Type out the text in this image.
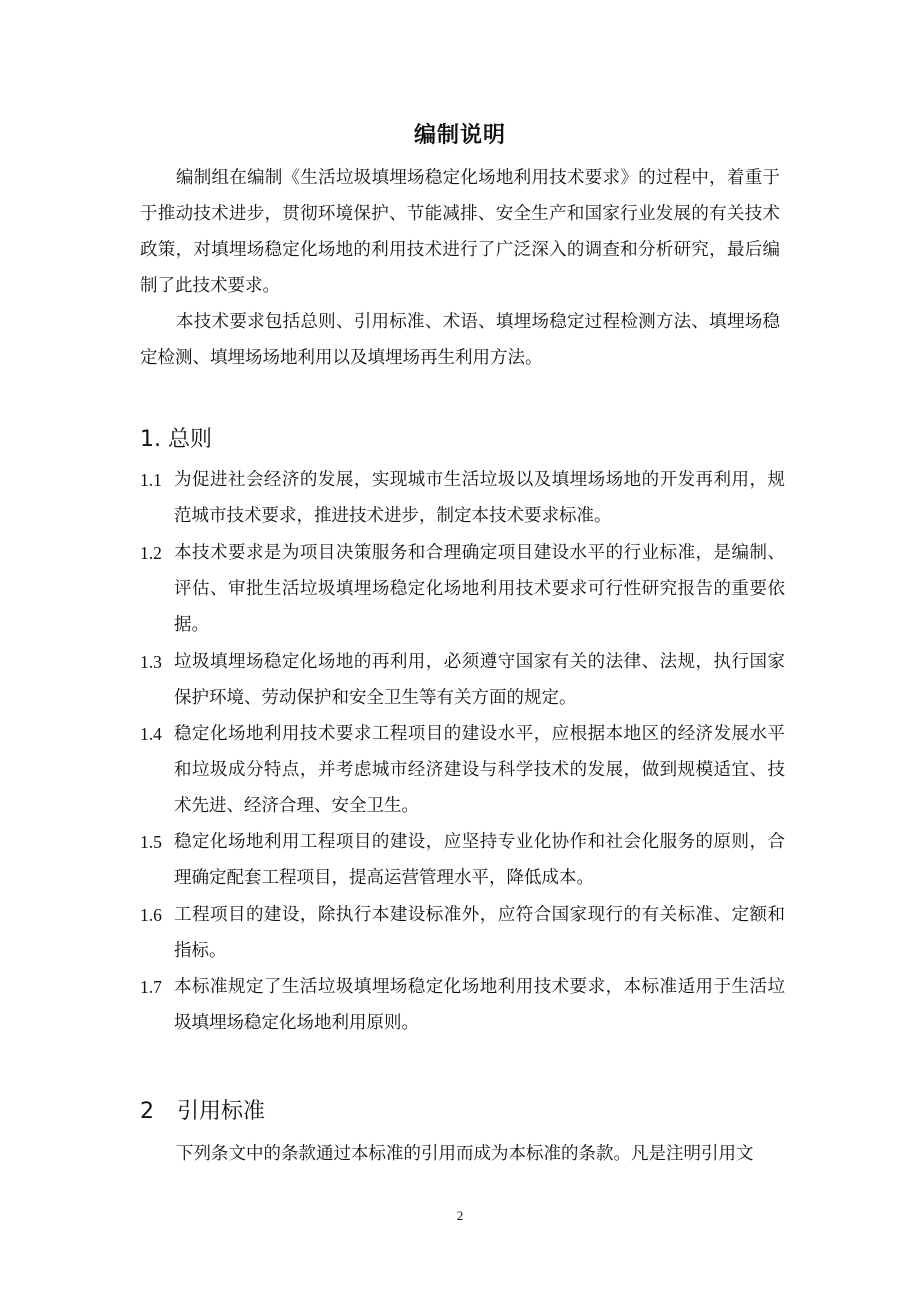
编制说明
编制组在编制《生活垃圾填埋场稳定化场地利用技术要求》的过程中，着重于于推动技术进步，贯彻环境保护、节能减排、安全生产和国家行业发展的有关技术政策，对填埋场稳定化场地的利用技术进行了广泛深入的调查和分析研究，最后编制了此技术要求。
本技术要求包括总则、引用标准、术语、填埋场稳定过程检测方法、填埋场稳定检测、填埋场场地利用以及填埋场再生利用方法。
1. 总则
1.1 为促进社会经济的发展，实现城市生活垃圾以及填埋场场地的开发再利用，规范城市技术要求，推进技术进步，制定本技术要求标准。
1.2 本技术要求是为项目决策服务和合理确定项目建设水平的行业标准，是编制、评估、审批生活垃圾填埋场稳定化场地利用技术要求可行性研究报告的重要依据。
1.3 垃圾填埋场稳定化场地的再利用，必须遵守国家有关的法律、法规，执行国家保护环境、劳动保护和安全卫生等有关方面的规定。
1.4 稳定化场地利用技术要求工程项目的建设水平，应根据本地区的经济发展水平和垃圾成分特点，并考虑城市经济建设与科学技术的发展，做到规模适宜、技术先进、经济合理、安全卫生。
1.5 稳定化场地利用工程项目的建设，应坚持专业化协作和社会化服务的原则，合理确定配套工程项目，提高运营管理水平，降低成本。
1.6 工程项目的建设，除执行本建设标准外，应符合国家现行的有关标准、定额和指标。
1.7 本标准规定了生活垃圾填埋场稳定化场地利用技术要求，本标准适用于生活垃圾填埋场稳定化场地利用原则。
2 引用标准
下列条文中的条款通过本标准的引用而成为本标准的条款。凡是注明引用文
2
